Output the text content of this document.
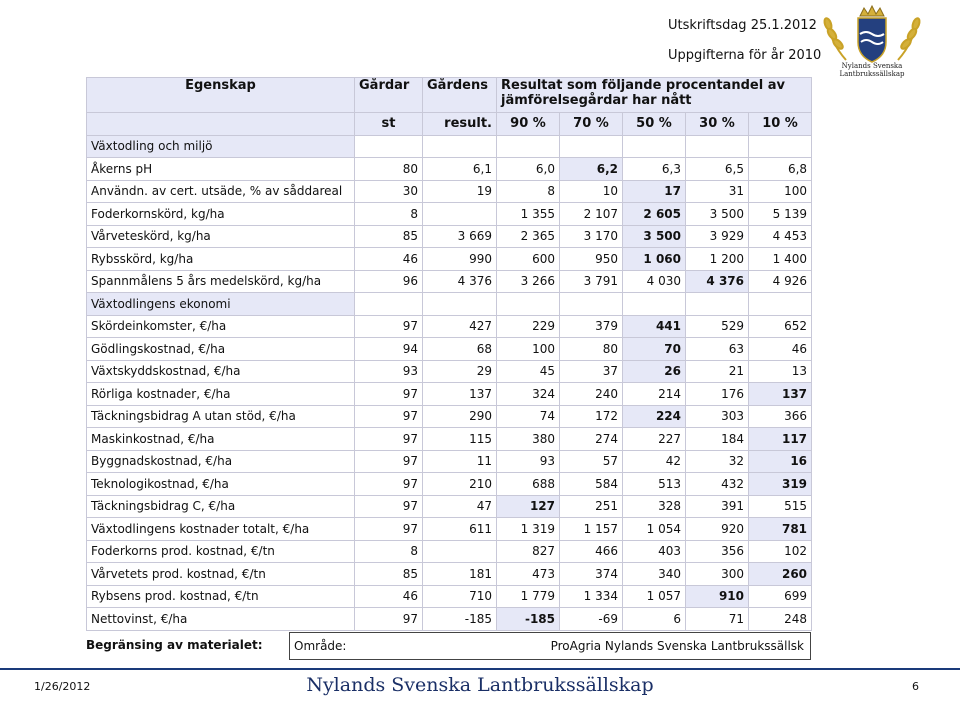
Utskriftsdag 25.1.2012
Uppgifterna för år 2010
Nylands Svenska
Lantbrukssällskap
Egenskap	Gårdar	Gårdens	Resultat som följande procentandel av jämförelsegårdar har nått				
	st	result.	90 %	70 %	50 %	30 %	10 %
Växtodling och miljö							
Åkerns pH	80	6,1	6,0	6,2	6,3	6,5	6,8
Användn. av cert. utsäde, % av såddareal	30	19	8	10	17	31	100
Foderkornskörd, kg/ha	8		1 355	2 107	2 605	3 500	5 139
Vårveteskörd, kg/ha	85	3 669	2 365	3 170	3 500	3 929	4 453
Rybsskörd, kg/ha	46	990	600	950	1 060	1 200	1 400
Spannmålens 5 års medelskörd, kg/ha	96	4 376	3 266	3 791	4 030	4 376	4 926
Växtodlingens ekonomi							
Skördeinkomster, €/ha	97	427	229	379	441	529	652
Gödlingskostnad, €/ha	94	68	100	80	70	63	46
Växtskyddskostnad, €/ha	93	29	45	37	26	21	13
Rörliga kostnader, €/ha	97	137	324	240	214	176	137
Täckningsbidrag A utan stöd, €/ha	97	290	74	172	224	303	366
Maskinkostnad, €/ha	97	115	380	274	227	184	117
Byggnadskostnad, €/ha	97	11	93	57	42	32	16
Teknologikostnad, €/ha	97	210	688	584	513	432	319
Täckningsbidrag C, €/ha	97	47	127	251	328	391	515
Växtodlingens kostnader totalt, €/ha	97	611	1 319	1 157	1 054	920	781
Foderkorns prod. kostnad, €/tn	8		827	466	403	356	102
Vårvetets prod. kostnad, €/tn	85	181	473	374	340	300	260
Rybsens prod. kostnad, €/tn	46	710	1 779	1 334	1 057	910	699
Nettovinst, €/ha	97	-185	-185	-69	6	71	248
Begränsing av materialet:	Område:	ProAgria Nylands Svenska Lantbrukssällsk
1/26/2012	Nylands Svenska Lantbrukssällskap	6
